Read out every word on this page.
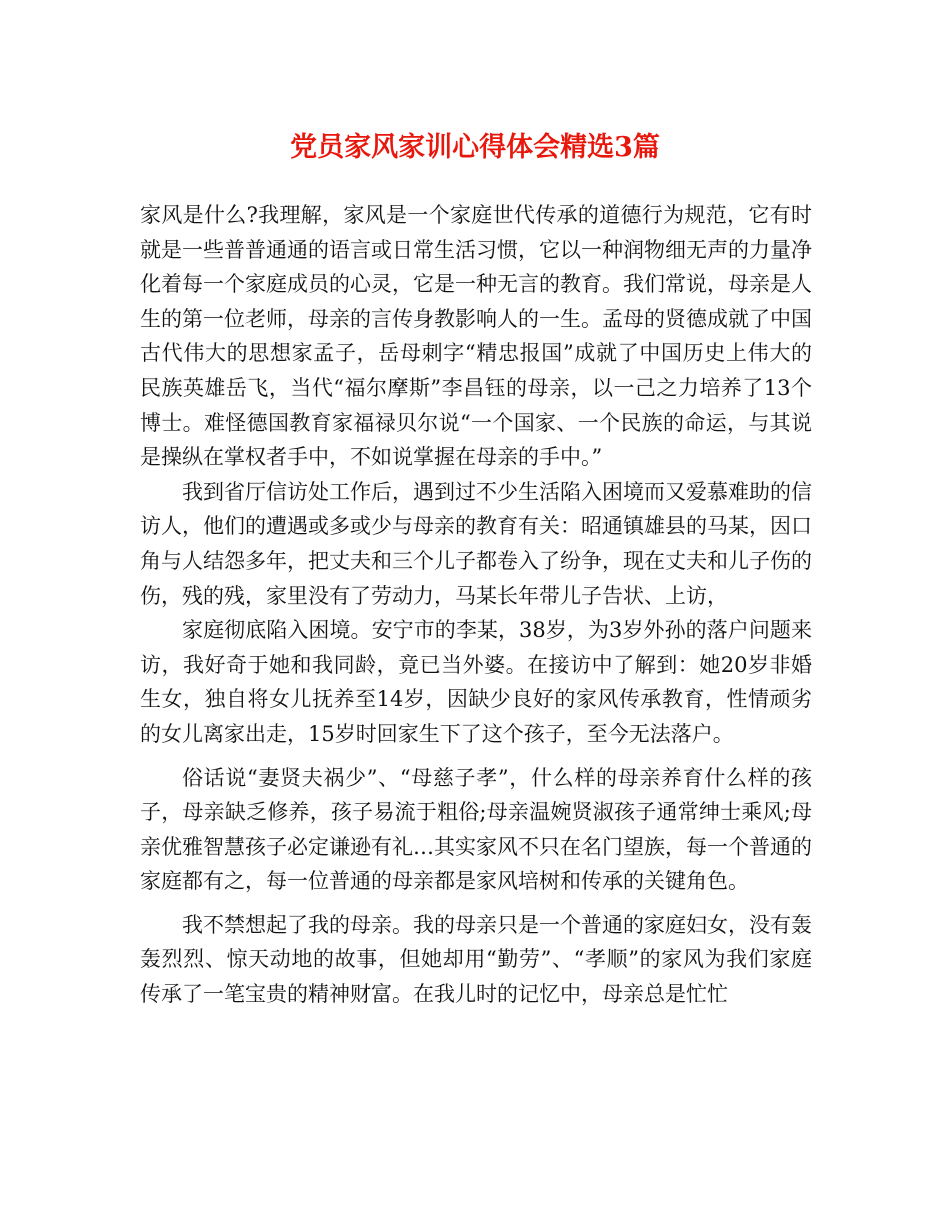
党员家风家训心得体会精选3篇

家风是什么?我理解，家风是一个家庭世代传承的道德行为规范，它有时就是一些普普通通的语言或日常生活习惯，它以一种润物细无声的力量净化着每一个家庭成员的心灵，它是一种无言的教育。我们常说，母亲是人生的第一位老师，母亲的言传身教影响人的一生。孟母的贤德成就了中国古代伟大的思想家孟子，岳母刺字“精忠报国”成就了中国历史上伟大的民族英雄岳飞，当代“福尔摩斯”李昌钰的母亲，以一己之力培养了13个博士。难怪德国教育家福禄贝尔说“一个国家、一个民族的命运，与其说是操纵在掌权者手中，不如说掌握在母亲的手中。”

我到省厅信访处工作后，遇到过不少生活陷入困境而又爱慕难助的信访人，他们的遭遇或多或少与母亲的教育有关：昭通镇雄县的马某，因口角与人结怨多年，把丈夫和三个儿子都卷入了纷争，现在丈夫和儿子伤的伤，残的残，家里没有了劳动力，马某长年带儿子告状、上访，

家庭彻底陷入困境。安宁市的李某，38岁，为3岁外孙的落户问题来访，我好奇于她和我同龄，竟已当外婆。在接访中了解到：她20岁非婚生女，独自将女儿抚养至14岁，因缺少良好的家风传承教育，性情顽劣的女儿离家出走，15岁时回家生下了这个孩子，至今无法落户。

俗话说“妻贤夫祸少”、“母慈子孝”，什么样的母亲养育什么样的孩子，母亲缺乏修养，孩子易流于粗俗;母亲温婉贤淑孩子通常绅士乘风;母亲优雅智慧孩子必定谦逊有礼…其实家风不只在名门望族，每一个普通的家庭都有之，每一位普通的母亲都是家风培树和传承的关键角色。

我不禁想起了我的母亲。我的母亲只是一个普通的家庭妇女，没有轰轰烈烈、惊天动地的故事，但她却用“勤劳”、“孝顺”的家风为我们家庭传承了一笔宝贵的精神财富。在我儿时的记忆中，母亲总是忙忙
